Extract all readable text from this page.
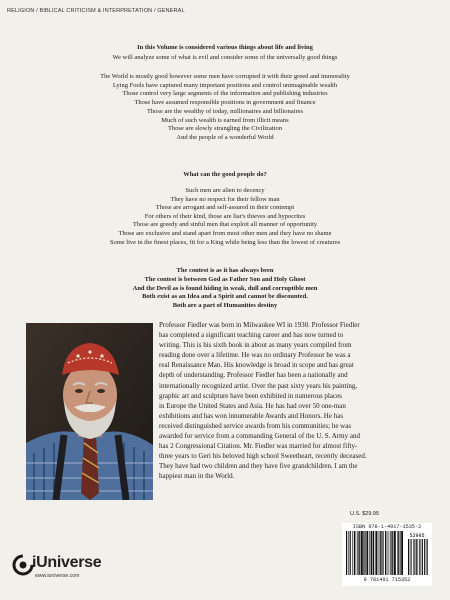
RELIGION / BIBLICAL CRITICISM & INTERPRETATION / GENERAL

In this Volume is considered various things about life and living

We will analyze some of what is evil and consider some of the universally good things

The World is mostly good however some men have corrupted it with their greed and immorality

Lying Fools have captured many important positions and control unimaginable wealth

Those control very large segments of the information and publishing industries

Those have assumed responsible positions in government and finance

Those are the wealthy of today, millionaires and billionaires

Much of such wealth is earned from illicit means

Those are slowly strangling the Civilization

And the people of a wonderful World

What can the good people do?

Such men are alien to decency

They have no respect for their fellow man

Those are arrogant and self-assured in their contempt

For others of their kind, those are liar's thieves and hypocrites

Those are greedy and sinful men that exploit all manner of opportunity

Those are exclusive and stand apart from most other men and they have no shame

Some live in the finest places, fit for a King while being less than the lowest of creatures

The contest is as it has always been

The contest is between God as Father Son and Holy Ghost

And the Devil as is found hiding in weak, dull and corruptible men

Both exist as an Idea and a Spirit and cannot be discounted.

Both are a part of Humanities destiny

Professor Fiedler was born in Milwaukee WI in 1930. Professor Fiedler

has completed a significant teaching career and has now turned to

writing. This is his sixth book in about as many years compiled from

reading done over a lifetime. He was no ordinary Professor he was a

real Renaissance Man. His knowledge is broad in scope and has great

depth of understanding. Professor Fiedler has been a nationally and

internationally recognized artist. Over the past sixty years his painting,

graphic art and sculpture have been exhibited in numerous places

in Europe the United States and Asia. He has had over 50 one-man

exhibitions and has won innumerable Awards and Honors. He has

received distinguished service awards from his communities; he was

awarded for service from a commanding General of the U. S. Army and

has 2 Congressional Citation. Mr. Fiedler was married for almost fifty-

three years to Geri his beloved high school Sweetheart, recently deceased.

They have had two children and they have five grandchildren. I am the

happiest man in the World.

U.S. $29.95
ISBN 978-1-4917-1535-2
52995
9 781491 715352
iUniverse
www.iuniverse.com
